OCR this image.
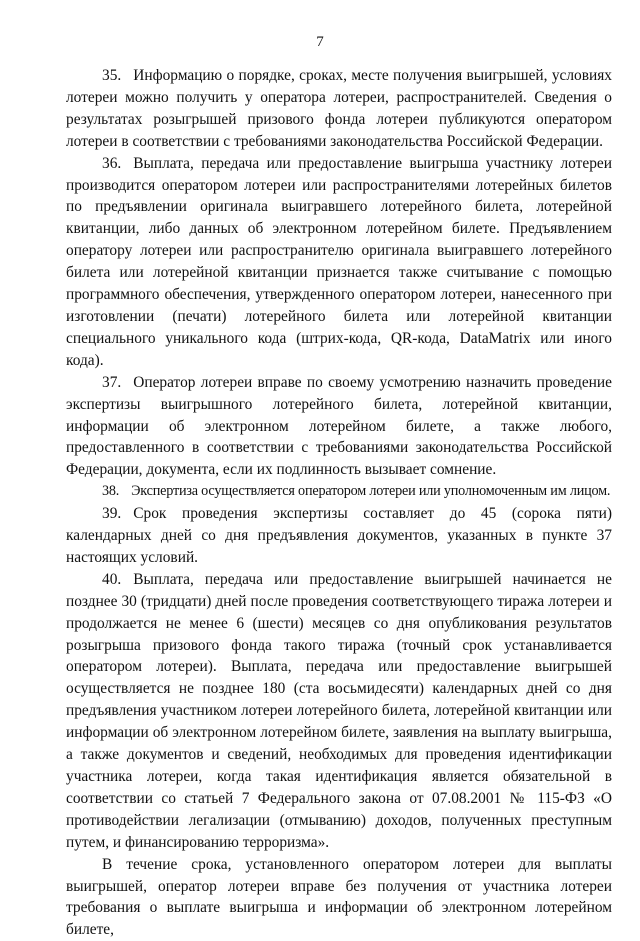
7

35. Информацию о порядке, сроках, месте получения выигрышей, условиях лотереи можно получить у оператора лотереи, распространителей. Сведения о результатах розыгрышей призового фонда лотереи публикуются оператором лотереи в соответствии с требованиями законодательства Российской Федерации.

36. Выплата, передача или предоставление выигрыша участнику лотереи производится оператором лотереи или распространителями лотерейных билетов по предъявлении оригинала выигравшего лотерейного билета, лотерейной квитанции, либо данных об электронном лотерейном билете. Предъявлением оператору лотереи или распространителю оригинала выигравшего лотерейного билета или лотерейной квитанции признается также считывание с помощью программного обеспечения, утвержденного оператором лотереи, нанесенного при изготовлении (печати) лотерейного билета или лотерейной квитанции специального уникального кода (штрих-кода, QR-кода, DataMatrix или иного кода).

37. Оператор лотереи вправе по своему усмотрению назначить проведение экспертизы выигрышного лотерейного билета, лотерейной квитанции, информации об электронном лотерейном билете, а также любого, предоставленного в соответствии с требованиями законодательства Российской Федерации, документа, если их подлинность вызывает сомнение.

38. Экспертиза осуществляется оператором лотереи или уполномоченным им лицом.

39. Срок проведения экспертизы составляет до 45 (сорока пяти) календарных дней со дня предъявления документов, указанных в пункте 37 настоящих условий.

40. Выплата, передача или предоставление выигрышей начинается не позднее 30 (тридцати) дней после проведения соответствующего тиража лотереи и продолжается не менее 6 (шести) месяцев со дня опубликования результатов розыгрыша призового фонда такого тиража (точный срок устанавливается оператором лотереи). Выплата, передача или предоставление выигрышей осуществляется не позднее 180 (ста восьмидесяти) календарных дней со дня предъявления участником лотереи лотерейного билета, лотерейной квитанции или информации об электронном лотерейном билете, заявления на выплату выигрыша, а также документов и сведений, необходимых для проведения идентификации участника лотереи, когда такая идентификация является обязательной в соответствии со статьей 7 Федерального закона от 07.08.2001 № 115-ФЗ «О противодействии легализации (отмыванию) доходов, полученных преступным путем, и финансированию терроризма».

В течение срока, установленного оператором лотереи для выплаты выигрышей, оператор лотереи вправе без получения от участника лотереи требования о выплате выигрыша и информации об электронном лотерейном билете,
